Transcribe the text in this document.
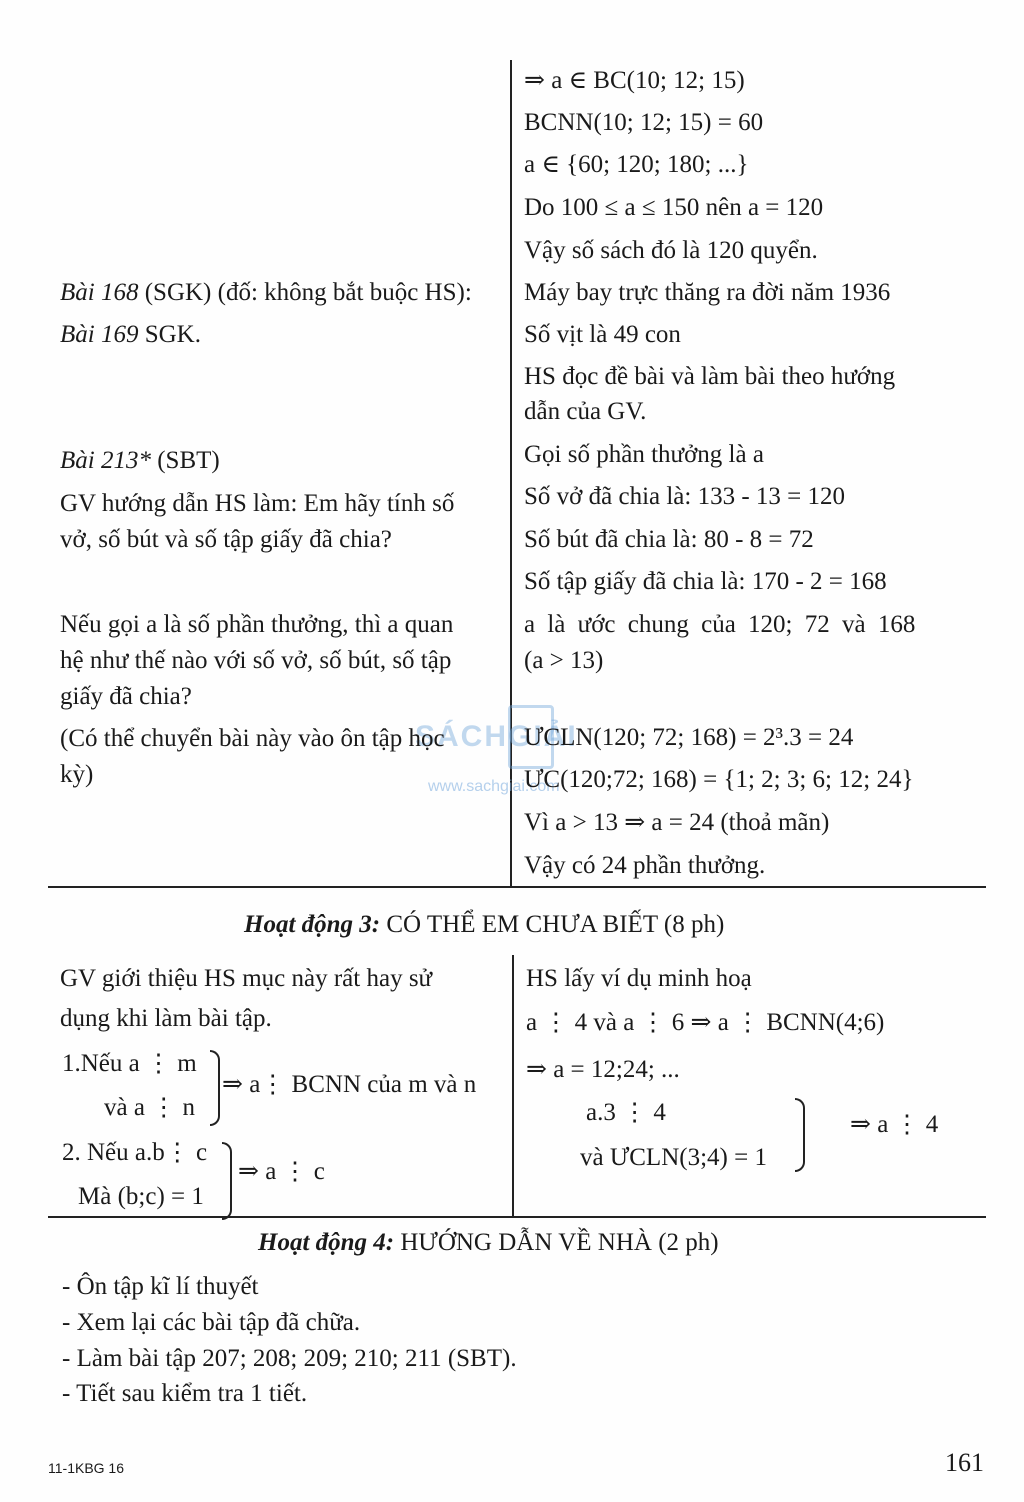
SÁCHGIẢI
www.sachgiai.com
⇒ a ∈ BC(10; 12; 15)
BCNN(10; 12; 15) = 60
a ∈ {60; 120; 180; ...}
Do 100 ≤ a ≤ 150 nên a = 120
Vậy số sách đó là 120 quyển.
Máy bay trực thăng ra đời năm 1936
Số vịt là 49 con
HS đọc đề bài và làm bài theo hướng
dẫn của GV.
Gọi số phần thưởng là a
Số vở đã chia là: 133 - 13 = 120
Số bút đã chia là: 80 - 8 = 72
Số tập giấy đã chia là: 170 - 2 = 168
a là ước chung của 120; 72 và 168
(a > 13)
ƯCLN(120; 72; 168) = 2³.3 = 24
ƯC(120;72; 168) = {1; 2; 3; 6; 12; 24}
Vì a > 13 ⇒ a = 24 (thoả mãn)
Vậy có 24 phần thưởng.
Bài 168 (SGK) (đố: không bắt buộc HS):
Bài 169 SGK.
Bài 213* (SBT)
GV hướng dẫn HS làm: Em hãy tính số
vở, số bút và số tập giấy đã chia?
Nếu gọi a là số phần thưởng, thì a quan
hệ như thế nào với số vở, số bút, số tập
giấy đã chia?
(Có thể chuyển bài này vào ôn tập học
kỳ)
Hoạt động 3: CÓ THỂ EM CHƯA BIẾT (8 ph)
GV giới thiệu HS mục này rất hay sử
dụng khi làm bài tập.
1.Nếu a ⋮ m
và a ⋮ n
⇒ a⋮ BCNN của m và n
2. Nếu a.b⋮ c
Mà (b;c) = 1
⇒ a ⋮ c
HS lấy ví dụ minh hoạ
a ⋮ 4 và a ⋮ 6 ⇒ a ⋮ BCNN(4;6)
⇒ a = 12;24; ...
a.3 ⋮ 4
và ƯCLN(3;4) = 1
⇒ a ⋮ 4
Hoạt động 4: HƯỚNG DẪN VỀ NHÀ (2 ph)
- Ôn tập kĩ lí thuyết
- Xem lại các bài tập đã chữa.
- Làm bài tập 207; 208; 209; 210; 211 (SBT).
- Tiết sau kiểm tra 1 tiết.
11-1KBG 16	161
